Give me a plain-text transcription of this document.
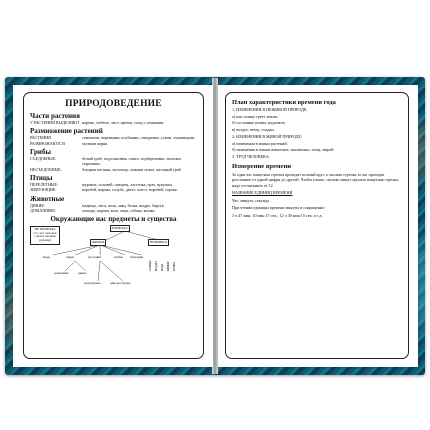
ПРИРОДОВЕДЕНИЕ
Части растения
У РАСТЕНИЯ ВЫДЕЛЯЮТ корень, стебель, лист, цветок, плод с семенами.
Размножение растений
РАСТЕНИЯ РАЗМНОЖАЮТСЯ
семенами, черенками, клубнями, отводками, усами, луковицами, частями корня.
Грибы
СЪЕДОБНЫЕ:	белый гриб, подосиновик, опята, подберезовик, лисички, сыроежки.
НЕСЪЕДОБНЫЕ:	бледная поганка, мухомор, ложные опята, желчный гриб.
Птицы
ПЕРЕЛЕТНЫЕ:	журавль, соловей, скворец, ласточка, грач, кукушка.
ЗИМУЮЩИЕ:	воробей, ворона, голубь, дятел, клест, воробей, сорока.
Животные
ДИКИЕ:	медведь, лиса, волк, заяц, белка, выдра, барсук.
ДОМАШНИЕ:	лошадь, корова, коза, овца, собака, кошка.
Окружающие нас предметы и существа
НЕ ПРИРОДА (то, что человек сделал своими руками)
ПРИРОДА
ЖИВАЯ	НЕЖИВАЯ
люди	звери	растения	грибы бактерии
домашние	дикие
культурные	дикорастущие
солнце воздух вода камни почва
План характеристики времени года
1. ИЗМЕНЕНИЯ В НЕЖИВОЙ ПРИРОДЕ:
а) как солнце греет землю;
б) состояние почвы, водоемов;
в) воздух, ветер, осадки.
2. ИЗМЕНЕНИЯ В ЖИВОЙ ПРИРОДЕ:
а) изменения в жизни растений;
б) изменения в жизни животных: насекомых, птиц, зверей.
3. ТРУД ЧЕЛОВЕКА.
Измерение времени
За один час минутная стрелка проходит полный круг, а часовая стрелка за час проходит расстояние от одной цифры до другой. Чтобы узнать, сколько минут прошло минутная стрелка, надо отсчитывать от 12.
НАЗВАНИЕ ЕДИНИЦ ВРЕМЕНИ
Час, минута, секунда.
При чтении единицы времени минуты в сокращенно:
3 ч 47 мин; 10 мин 15 сек.; 12 ч 30 мин 15 сек. и т.д.
